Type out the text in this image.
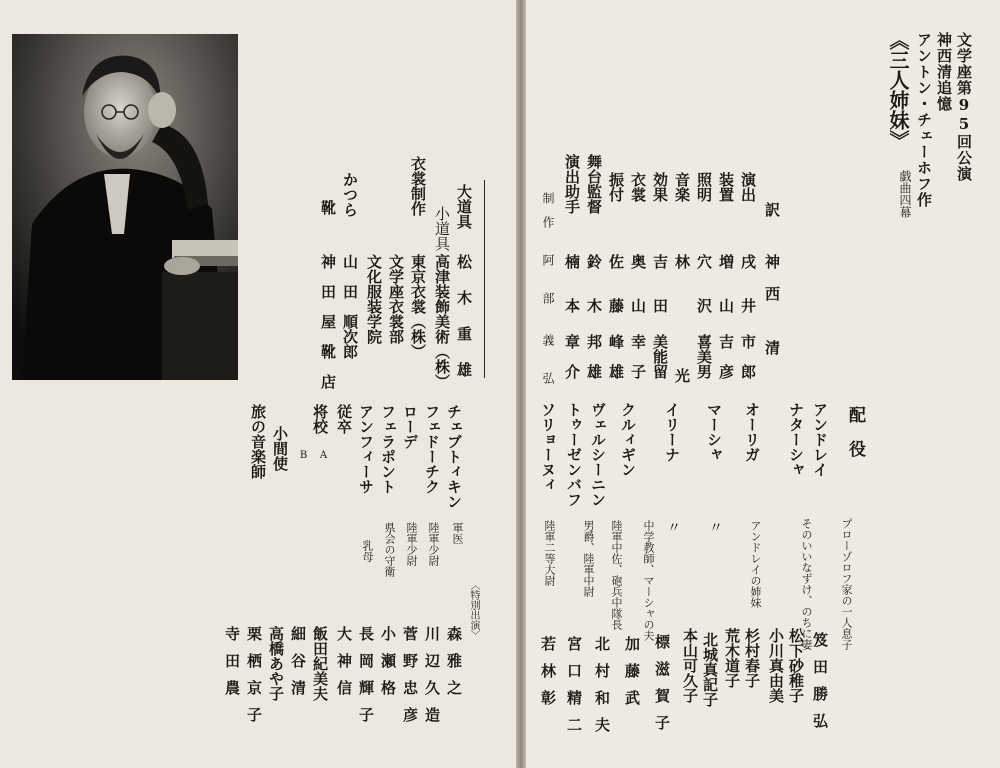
文学座第95回公演
神西清追憶
アントン・チェーホフ作
《三人姉妹》
戯曲四幕
訳
神　西
清
演出
戌　井
市　郎
装置
増　山
吉　彦
照明
穴　沢
喜美男
音楽
林
光
効果
吉　田
美能留
衣裳
奥　山
幸　子
振付
佐　藤
峰　雄
舞台監督
鈴　木
邦　雄
演出助手
楠　本
章　介
制作
阿　部
義　弘
大道具
松　木　重　雄
小道具
高津装飾美術（株）
衣裳制作
東京衣裳（株）
文学座衣裳部
文化服装学院
かつら
山　田　順次郎
靴
神　田　屋　靴　店
配　役
アンドレイ
プローゾロフ家の一人息子
笈田勝弘
ナターシャ
そのいいなずけ、のちに妻
松下砂稚子
小川真由美
オーリガ
アンドレイの姉妹
杉村春子
荒木道子
マーシャ
〃
北城真記子
本山可久子
イリーナ
〃
標滋賀子
クルィギン
中学教師、マーシャの夫
加藤武
ヴェルシーニン
陸軍中佐、砲兵中隊長
北村和夫
トゥーゼンバフ
男爵、陸軍中尉
宮口精二
ソリョーヌィ
陸軍二等大尉
若林彰
〈特別出演〉
チェブトィキン
軍医
森雅之
フェドーチク
陸軍少尉
川辺久造
ローデ
陸軍少尉
菅野忠彦
フェラポント
県会の守衛
小瀬格
アンフィーサ
乳母
長岡輝子
従卒
大神信
将校
A
飯田紀美夫
B
細谷清
小間使
高橋あや子
旅の音楽師
栗栖京子
寺田農
